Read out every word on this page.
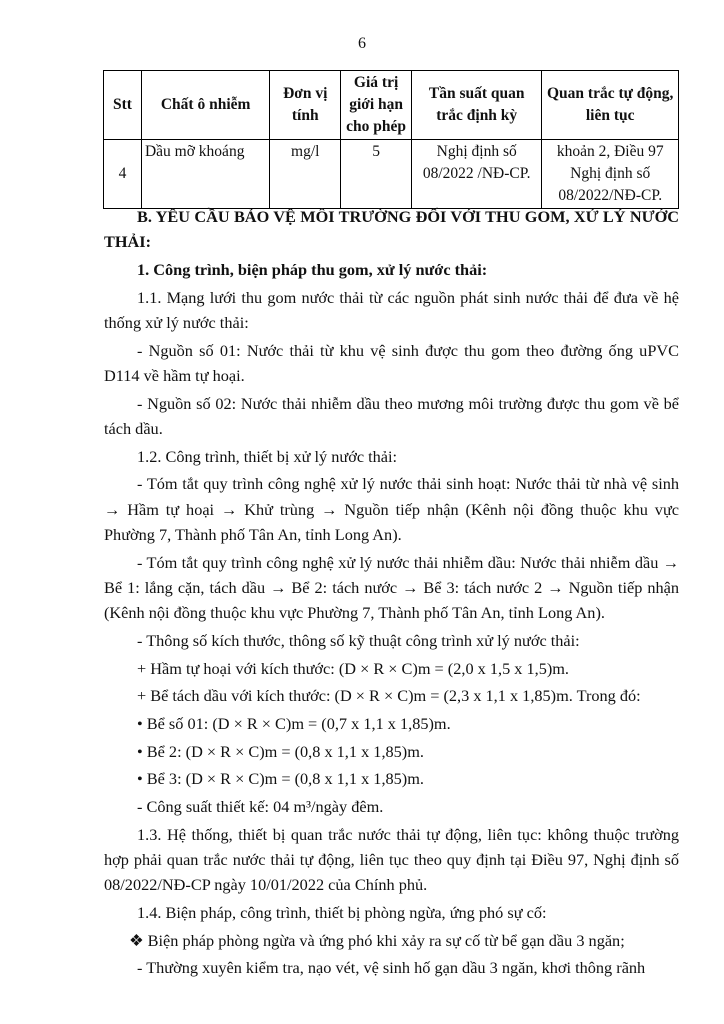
6
Stt	Chất ô nhiễm	Đơn vị tính	Giá trị giới hạn cho phép	Tần suất quan trắc định kỳ	Quan trắc tự động, liên tục
4	Dầu mỡ khoáng	mg/l	5	Nghị định số 08/2022 /NĐ-CP.	khoản 2, Điều 97 Nghị định số 08/2022/NĐ-CP.

B. YÊU CẦU BẢO VỆ MÔI TRƯỜNG ĐỐI VỚI THU GOM, XỬ LÝ NƯỚC THẢI:

1. Công trình, biện pháp thu gom, xử lý nước thải:

1.1. Mạng lưới thu gom nước thải từ các nguồn phát sinh nước thải để đưa về hệ thống xử lý nước thải:

- Nguồn số 01: Nước thải từ khu vệ sinh được thu gom theo đường ống uPVC D114 về hầm tự hoại.

- Nguồn số 02: Nước thải nhiễm dầu theo mương môi trường được thu gom về bể tách dầu.

1.2. Công trình, thiết bị xử lý nước thải:

- Tóm tắt quy trình công nghệ xử lý nước thải sinh hoạt: Nước thải từ nhà vệ sinh → Hầm tự hoại → Khử trùng → Nguồn tiếp nhận (Kênh nội đồng thuộc khu vực Phường 7, Thành phố Tân An, tỉnh Long An).

- Tóm tắt quy trình công nghệ xử lý nước thải nhiễm dầu: Nước thải nhiễm dầu → Bể 1: lắng cặn, tách dầu → Bể 2: tách nước → Bể 3: tách nước 2 → Nguồn tiếp nhận (Kênh nội đồng thuộc khu vực Phường 7, Thành phố Tân An, tỉnh Long An).

- Thông số kích thước, thông số kỹ thuật công trình xử lý nước thải:

+ Hầm tự hoại với kích thước: (D × R × C)m = (2,0 x 1,5 x 1,5)m.

+ Bể tách dầu với kích thước: (D × R × C)m = (2,3 x 1,1 x 1,85)m. Trong đó:

• Bể số 01: (D × R × C)m = (0,7 x 1,1 x 1,85)m.

• Bể 2: (D × R × C)m = (0,8 x 1,1 x 1,85)m.

• Bể 3: (D × R × C)m = (0,8 x 1,1 x 1,85)m.

- Công suất thiết kế: 04 m³/ngày đêm.

1.3. Hệ thống, thiết bị quan trắc nước thải tự động, liên tục: không thuộc trường hợp phải quan trắc nước thải tự động, liên tục theo quy định tại Điều 97, Nghị định số 08/2022/NĐ-CP ngày 10/01/2022 của Chính phủ.

1.4. Biện pháp, công trình, thiết bị phòng ngừa, ứng phó sự cố:

❖ Biện pháp phòng ngừa và ứng phó khi xảy ra sự cố từ bể gạn dầu 3 ngăn;

- Thường xuyên kiểm tra, nạo vét, vệ sinh hố gạn dầu 3 ngăn, khơi thông rãnh
